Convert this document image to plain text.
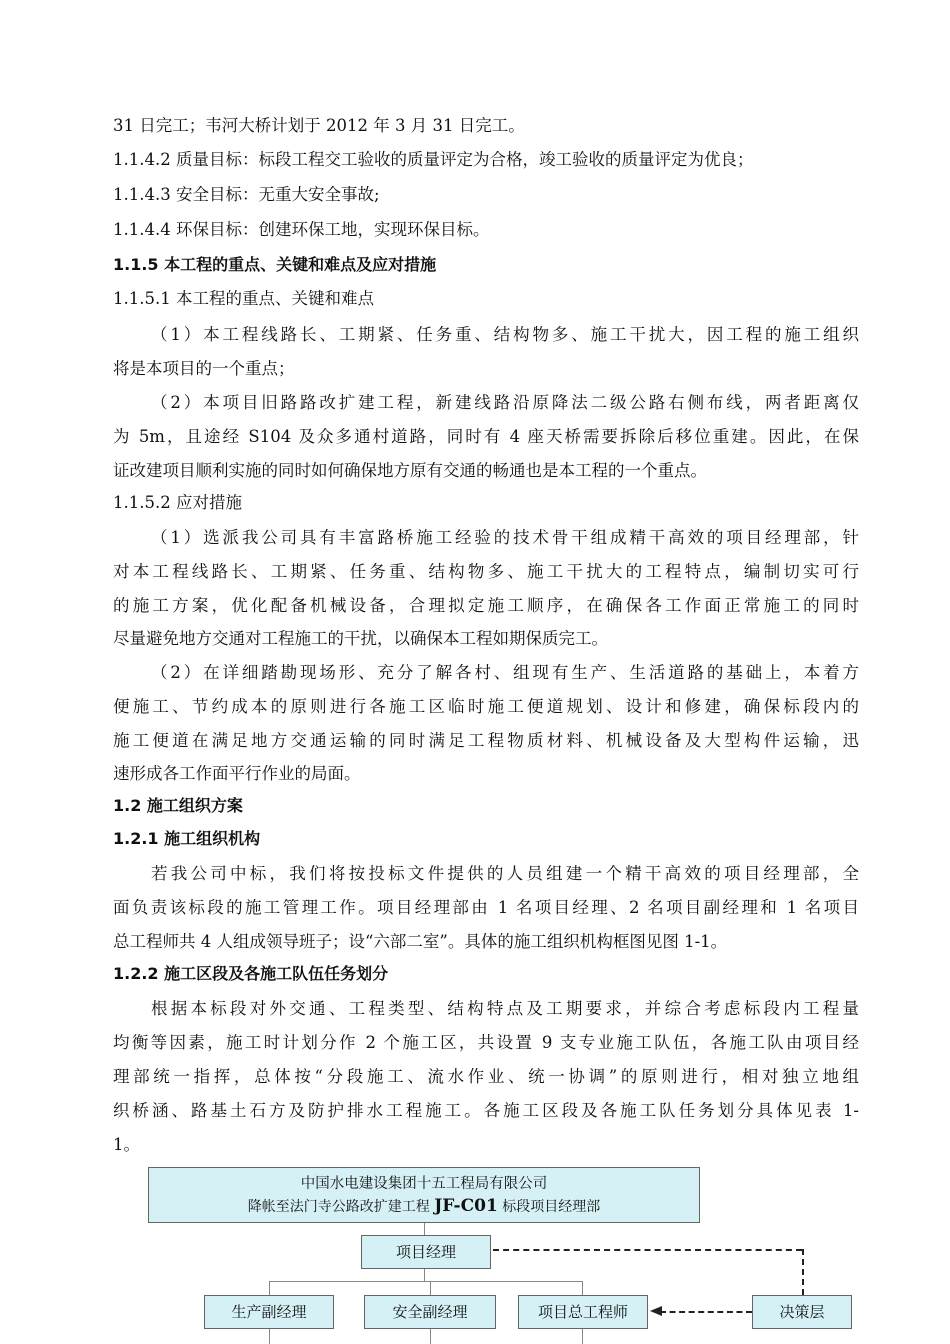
31 日完工；韦河大桥计划于 2012 年 3 月 31 日完工。
1.1.4.2 质量目标：标段工程交工验收的质量评定为合格，竣工验收的质量评定为优良；
1.1.4.3 安全目标：无重大安全事故;
1.1.4.4 环保目标：创建环保工地，实现环保目标。
1.1.5 本工程的重点、关键和难点及应对措施
1.1.5.1 本工程的重点、关键和难点
（1）本工程线路长、工期紧、任务重、结构物多、施工干扰大，因工程的施工组织
将是本项目的一个重点；
（2）本项目旧路路改扩建工程，新建线路沿原降法二级公路右侧布线，两者距离仅
为 5m，且途经 S104 及众多通村道路，同时有 4 座天桥需要拆除后移位重建。因此，在保
证改建项目顺利实施的同时如何确保地方原有交通的畅通也是本工程的一个重点。
1.1.5.2 应对措施
（1）选派我公司具有丰富路桥施工经验的技术骨干组成精干高效的项目经理部，针
对本工程线路长、工期紧、任务重、结构物多、施工干扰大的工程特点，编制切实可行
的施工方案，优化配备机械设备，合理拟定施工顺序，在确保各工作面正常施工的同时
尽量避免地方交通对工程施工的干扰，以确保本工程如期保质完工。
（2）在详细踏勘现场形、充分了解各村、组现有生产、生活道路的基础上，本着方
便施工、节约成本的原则进行各施工区临时施工便道规划、设计和修建，确保标段内的
施工便道在满足地方交通运输的同时满足工程物质材料、机械设备及大型构件运输，迅
速形成各工作面平行作业的局面。
1.2 施工组织方案
1.2.1 施工组织机构
若我公司中标，我们将按投标文件提供的人员组建一个精干高效的项目经理部，全
面负责该标段的施工管理工作。项目经理部由 1 名项目经理、2 名项目副经理和 1 名项目
总工程师共 4 人组成领导班子；设“六部二室”。具体的施工组织机构框图见图 1-1。
1.2.2 施工区段及各施工队伍任务划分
根据本标段对外交通、工程类型、结构特点及工期要求，并综合考虑标段内工程量
均衡等因素，施工时计划分作 2 个施工区，共设置 9 支专业施工队伍，各施工队由项目经
理部统一指挥，总体按“分段施工、流水作业、统一协调”的原则进行，相对独立地组
织桥涵、路基土石方及防护排水工程施工。各施工区段及各施工队任务划分具体见表 1-
1。
中国水电建设集团十五工程局有限公司
降帐至法门寺公路改扩建工程 JF-C01 标段项目经理部
项目经理
生产副经理	安全副经理	项目总工程师	决策层
